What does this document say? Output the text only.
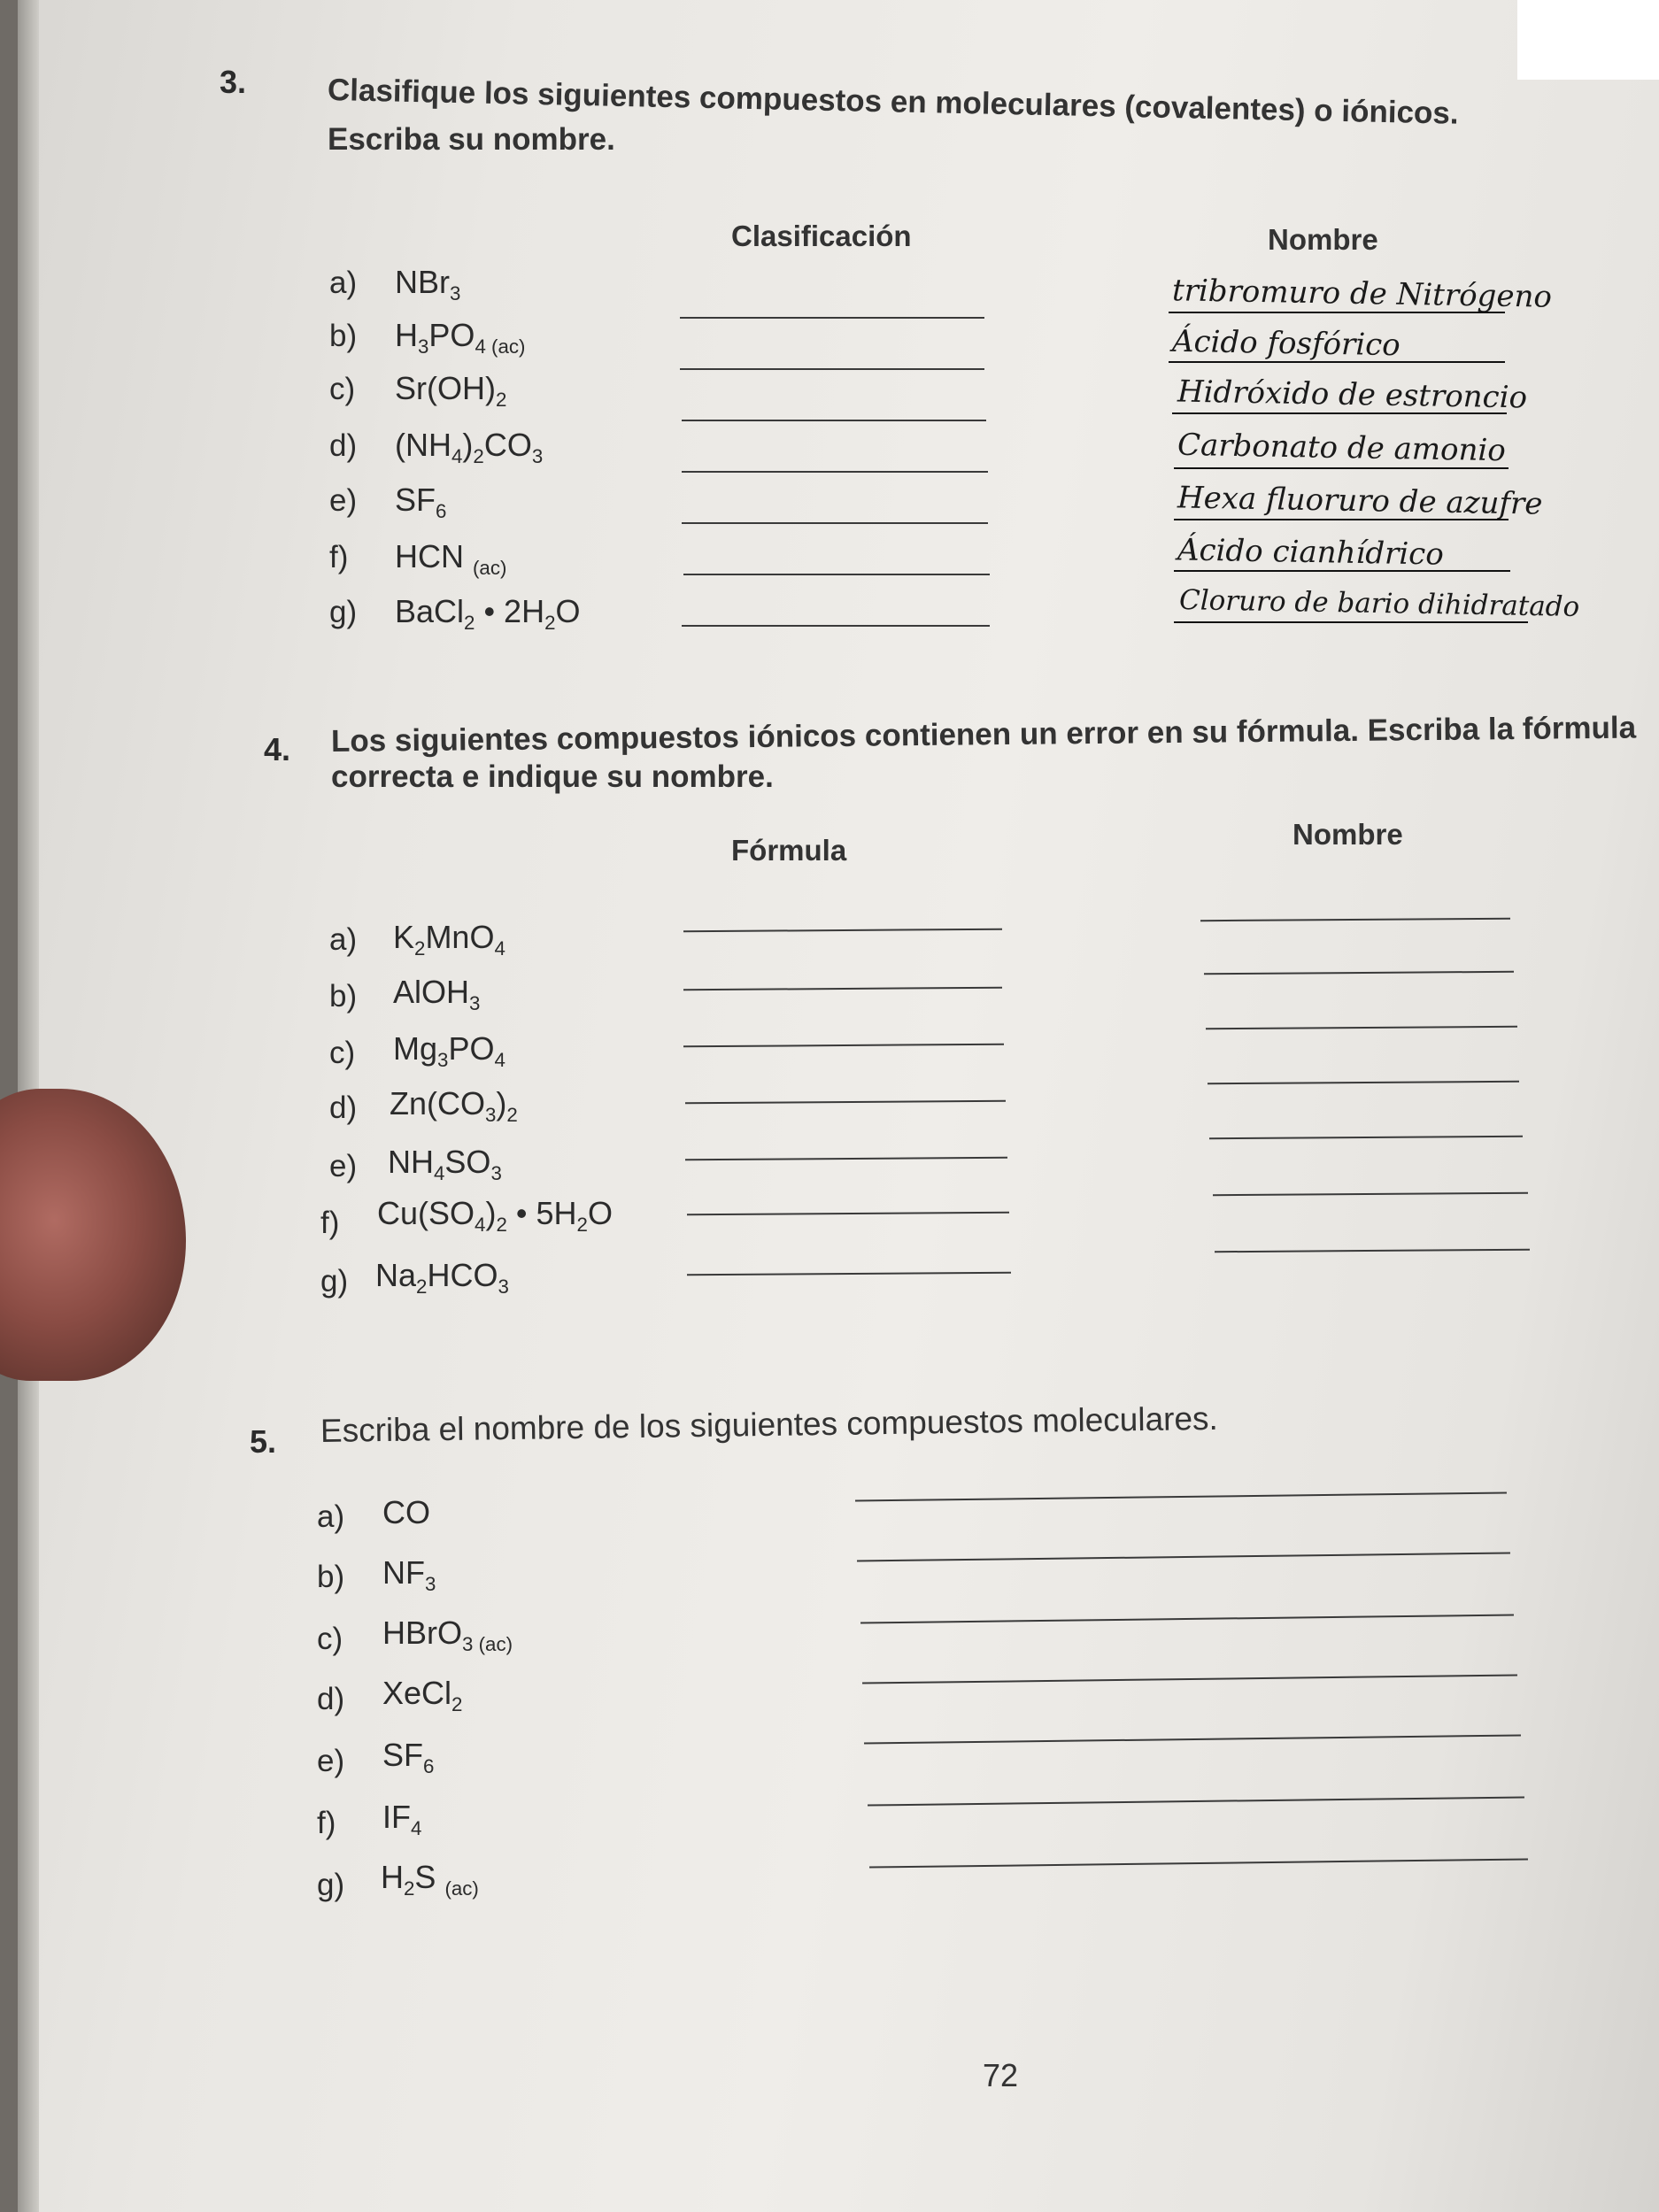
3.	Clasifique los siguientes compuestos en moleculares (covalentes) o iónicos.
Escriba su nombre.
Clasificación	Nombre
a) NBr$_3$	tribromuro de Nitrógeno
b) $H_3PO_{4 (ac)}$	Ácido fosfórico
c) $Sr(OH)_2$	Hidróxido de estroncio
d) $(NH_4)_2CO_3$	Carbonato de amonio
e) $SF_6$	Hexa fluoruro de azufre
f) HCN $_{(ac)}$	Ácido cianhídrico
g) BaCl$_2$ • $2H_2O$	Cloruro de bario dihidratado
4. Los siguientes compuestos iónicos contienen un error en su fórmula. Escriba la fórmula
correcta e indique su nombre.
Fórmula	Nombre
a) $K_2MnO_4$
b) AlOH$_3$
c) $Mg_3PO_4$
d) $Zn(CO_3)_2$
e) $NH_4SO_3$
f) $Cu(SO_4)_2$ • $5H_2O$
g) $Na_2HCO_3$
5. Escriba el nombre de los siguientes compuestos moleculares.
a) CO
b) $NF_3$
c) HBrO$_{3 (ac)}$
d) XeCl$_2$
e) $SF_6$
f) $IF_4$
g) $H_2S$ $_{(ac)}$
72
